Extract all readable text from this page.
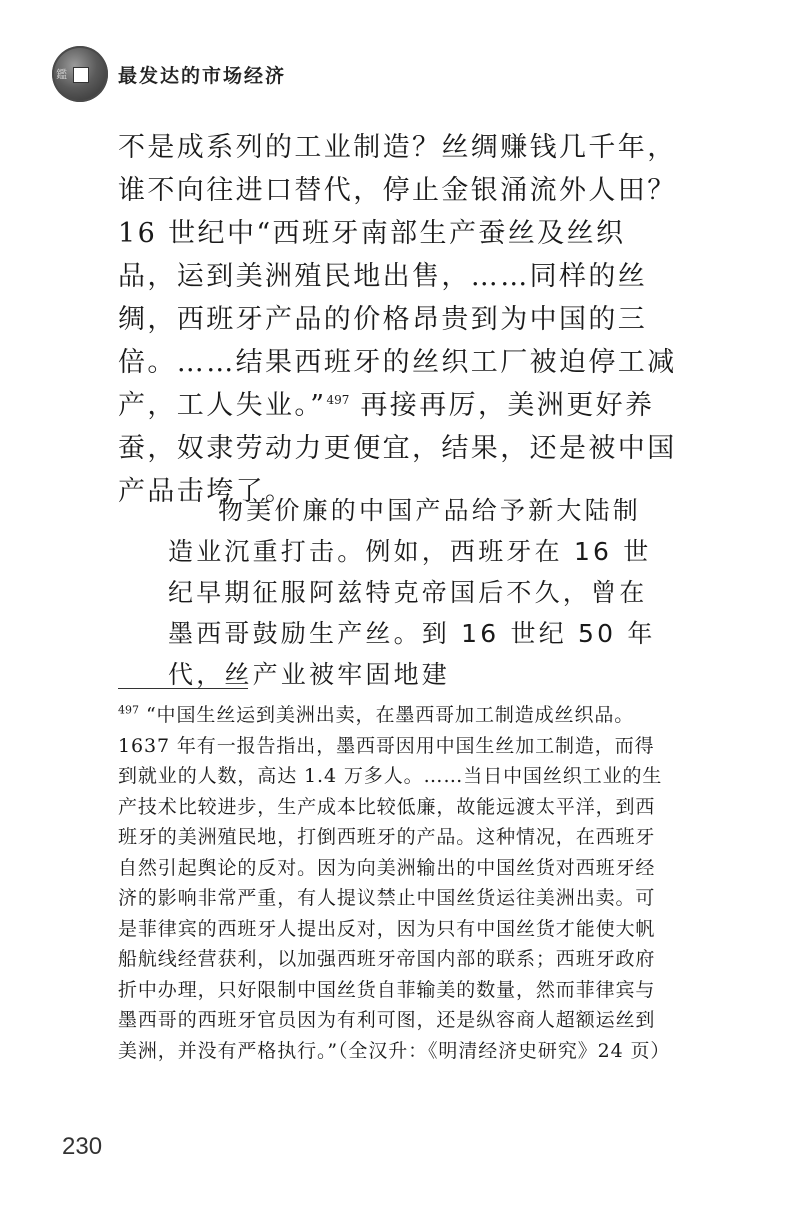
鑑	最发达的市场经济

不是成系列的工业制造？丝绸赚钱几千年，谁不向往进口替代，停止金银涌流外人田？ 16 世纪中“西班牙南部生产蚕丝及丝织品，运到美洲殖民地出售，……同样的丝绸，西班牙产品的价格昂贵到为中国的三倍。……结果西班牙的丝织工厂被迫停工减产，工人失业。”$^{497}$ 再接再厉，美洲更好养蚕，奴隶劳动力更便宜，结果，还是被中国产品击垮了。

物美价廉的中国产品给予新大陆制造业沉重打击。例如，西班牙在 16 世纪早期征服阿兹特克帝国后不久，曾在墨西哥鼓励生产丝。到 16 世纪 50 年代，丝产业被牢固地建

$^{497}$ “中国生丝运到美洲出卖，在墨西哥加工制造成丝织品。1637 年有一报告指出，墨西哥因用中国生丝加工制造，而得到就业的人数，高达 1.4 万多人。……当日中国丝织工业的生产技术比较进步，生产成本比较低廉，故能远渡太平洋，到西班牙的美洲殖民地，打倒西班牙的产品。这种情况，在西班牙自然引起舆论的反对。因为向美洲输出的中国丝货对西班牙经济的影响非常严重，有人提议禁止中国丝货运往美洲出卖。可是菲律宾的西班牙人提出反对，因为只有中国丝货才能使大帆船航线经营获利，以加强西班牙帝国内部的联系；西班牙政府折中办理，只好限制中国丝货自菲输美的数量，然而菲律宾与墨西哥的西班牙官员因为有利可图，还是纵容商人超额运丝到美洲，并没有严格执行。”（全汉升：《明清经济史研究》24 页）

230
